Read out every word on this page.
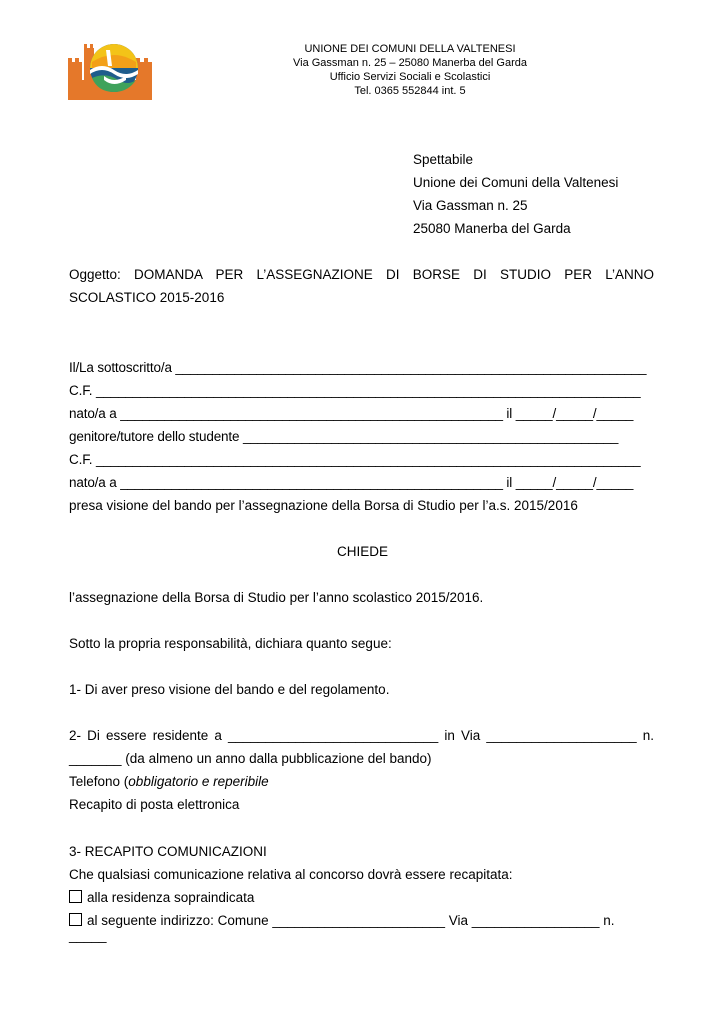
UNIONE DEI COMUNI DELLA VALTENESI
Via Gassman n. 25 – 25080 Manerba del Garda
Ufficio Servizi Sociali e Scolastici
Tel. 0365 552844 int. 5
Spettabile
Unione dei Comuni della Valtenesi
Via Gassman n. 25
25080 Manerba del Garda
Oggetto: DOMANDA PER L’ASSEGNAZIONE DI BORSE DI STUDIO PER L’ANNO
SCOLASTICO 2015-2016
Il/La sottoscritto/a ________________________________________________________________
C.F. __________________________________________________________________________
nato/a a ____________________________________________________ il _____/_____/_____
genitore/tutore dello studente ___________________________________________________
C.F. __________________________________________________________________________
nato/a a ____________________________________________________ il _____/_____/_____
presa visione del bando per l’assegnazione della Borsa di Studio per l’a.s. 2015/2016
CHIEDE
l’assegnazione della Borsa di Studio per l’anno scolastico 2015/2016.
Sotto la propria responsabilità, dichiara quanto segue:
1- Di aver preso visione del bando e del regolamento.
2- Di essere residente a ____________________________ in Via ____________________ n.
_______ (da almeno un anno dalla pubblicazione del bando)
Telefono (obbligatorio e reperibile
Recapito di posta elettronica
3- RECAPITO COMUNICAZIONI
Che qualsiasi comunicazione relativa al concorso dovrà essere recapitata:
alla residenza sopraindicata
al seguente indirizzo: Comune _______________________ Via _________________ n. _____
